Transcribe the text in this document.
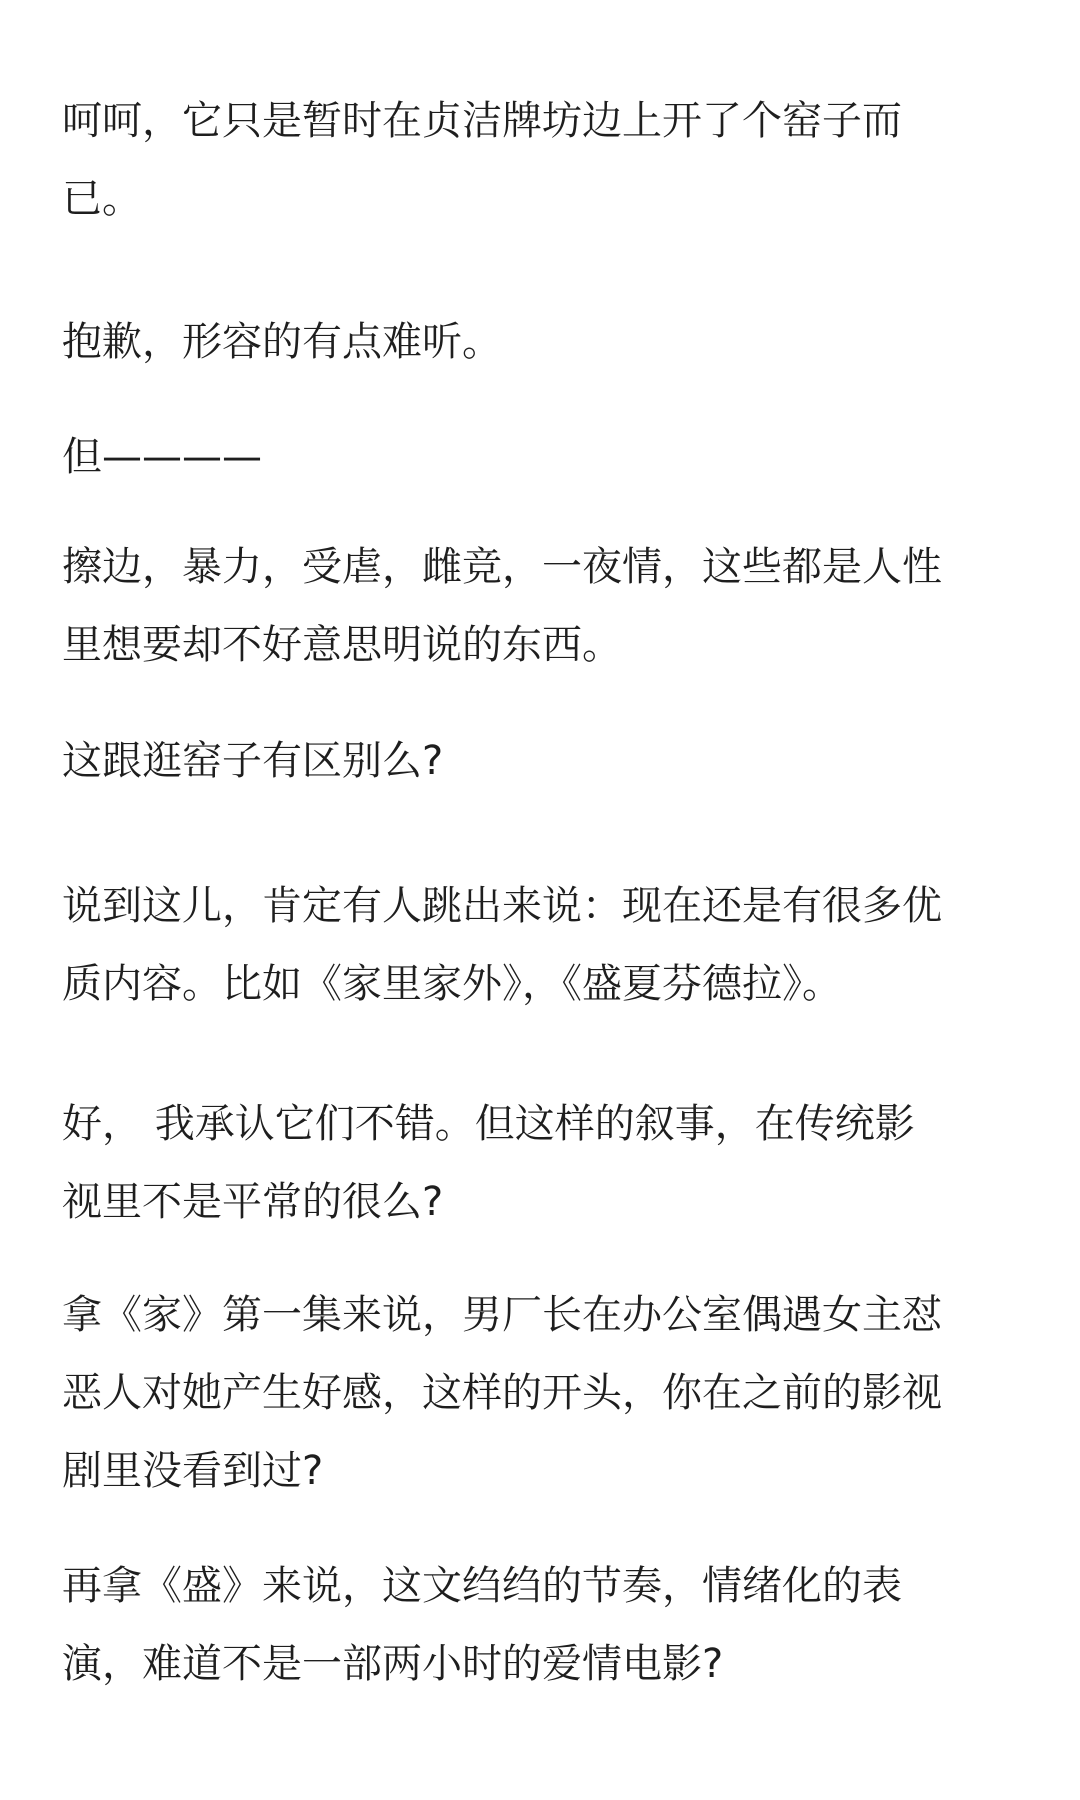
呵呵，它只是暂时在贞洁牌坊边上开了个窑子而
已。

抱歉，形容的有点难听。

但————

擦边，暴力，受虐，雌竞，一夜情，这些都是人性
里想要却不好意思明说的东西。

这跟逛窑子有区别么?

说到这儿，肯定有人跳出来说：现在还是有很多优
质内容。比如《家里家外》，《盛夏芬德拉》。

好， 我承认它们不错。但这样的叙事，在传统影
视里不是平常的很么?

拿《家》第一集来说，男厂长在办公室偶遇女主怼
恶人对她产生好感，这样的开头，你在之前的影视
剧里没看到过?

再拿《盛》来说，这文绉绉的节奏，情绪化的表
演，难道不是一部两小时的爱情电影?
